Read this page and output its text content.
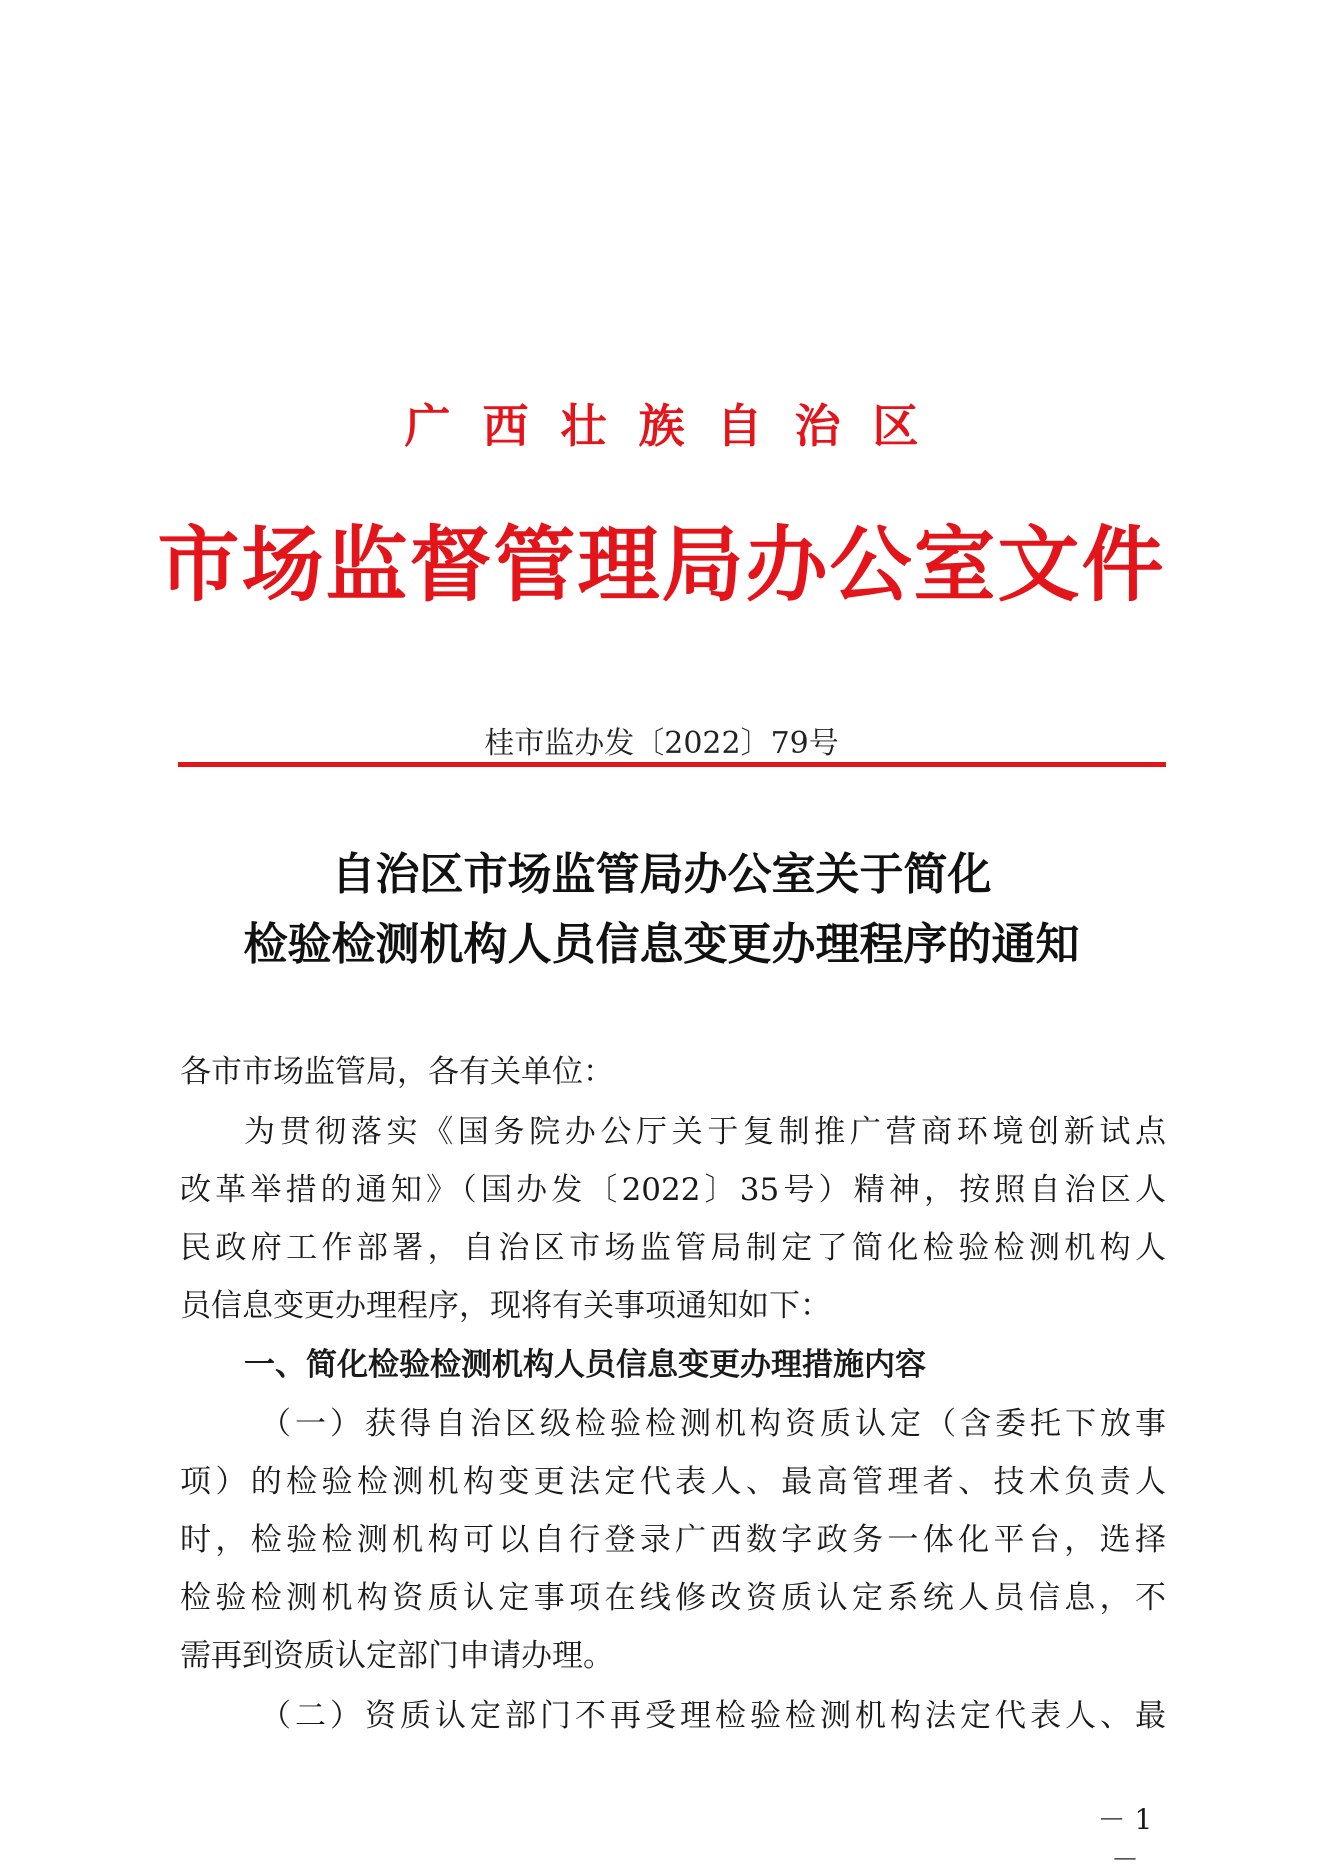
广西壮族自治区
市场监督管理局办公室文件
桂市监办发〔2022〕79号
自治区市场监管局办公室关于简化
检验检测机构人员信息变更办理程序的通知
各市市场监管局，各有关单位：
为贯彻落实《国务院办公厅关于复制推广营商环境创新试点
改革举措的通知》（国办发〔2022〕35号）精神，按照自治区人
民政府工作部署，自治区市场监管局制定了简化检验检测机构人
员信息变更办理程序，现将有关事项通知如下：
一、简化检验检测机构人员信息变更办理措施内容
（一）获得自治区级检验检测机构资质认定（含委托下放事
项）的检验检测机构变更法定代表人、最高管理者、技术负责人
时，检验检测机构可以自行登录广西数字政务一体化平台，选择
检验检测机构资质认定事项在线修改资质认定系统人员信息，不
需再到资质认定部门申请办理。
（二）资质认定部门不再受理检验检测机构法定代表人、最
－ 1 －
